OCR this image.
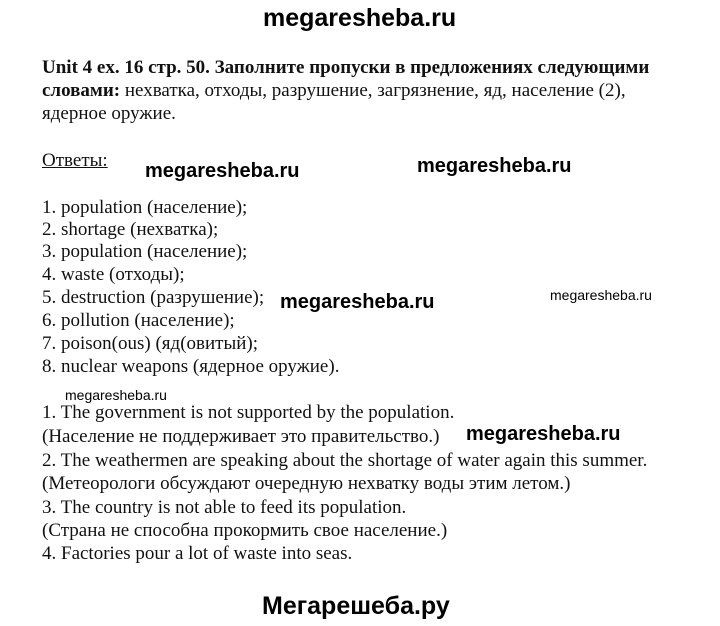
megaresheba.ru
Unit 4 ex. 16 стр. 50. Заполните пропуски в предложениях следующими
словами: нехватка, отходы, разрушение, загрязнение, яд, население (2),
ядерное оружие.
Ответы: megaresheba.ru	megaresheba.ru
megaresheba.ru
megaresheba.ru
megaresheba.ru
megaresheba.ru
1. population (население);
2. shortage (нехватка);
3. population (население);
4. waste (отходы);
5. destruction (разрушение);
6. pollution (население);
7. poison(ous) (яд(овитый);
8. nuclear weapons (ядерное оружие).
1. The government is not supported by the population.
(Население не поддерживает это правительство.)
2. The weathermen are speaking about the shortage of water again this summer.
(Метеорологи обсуждают очередную нехватку воды этим летом.)
3. The country is not able to feed its population.
(Страна не способна прокормить свое население.)
4. Factories pour a lot of waste into seas.
Мегарешеба.ру
